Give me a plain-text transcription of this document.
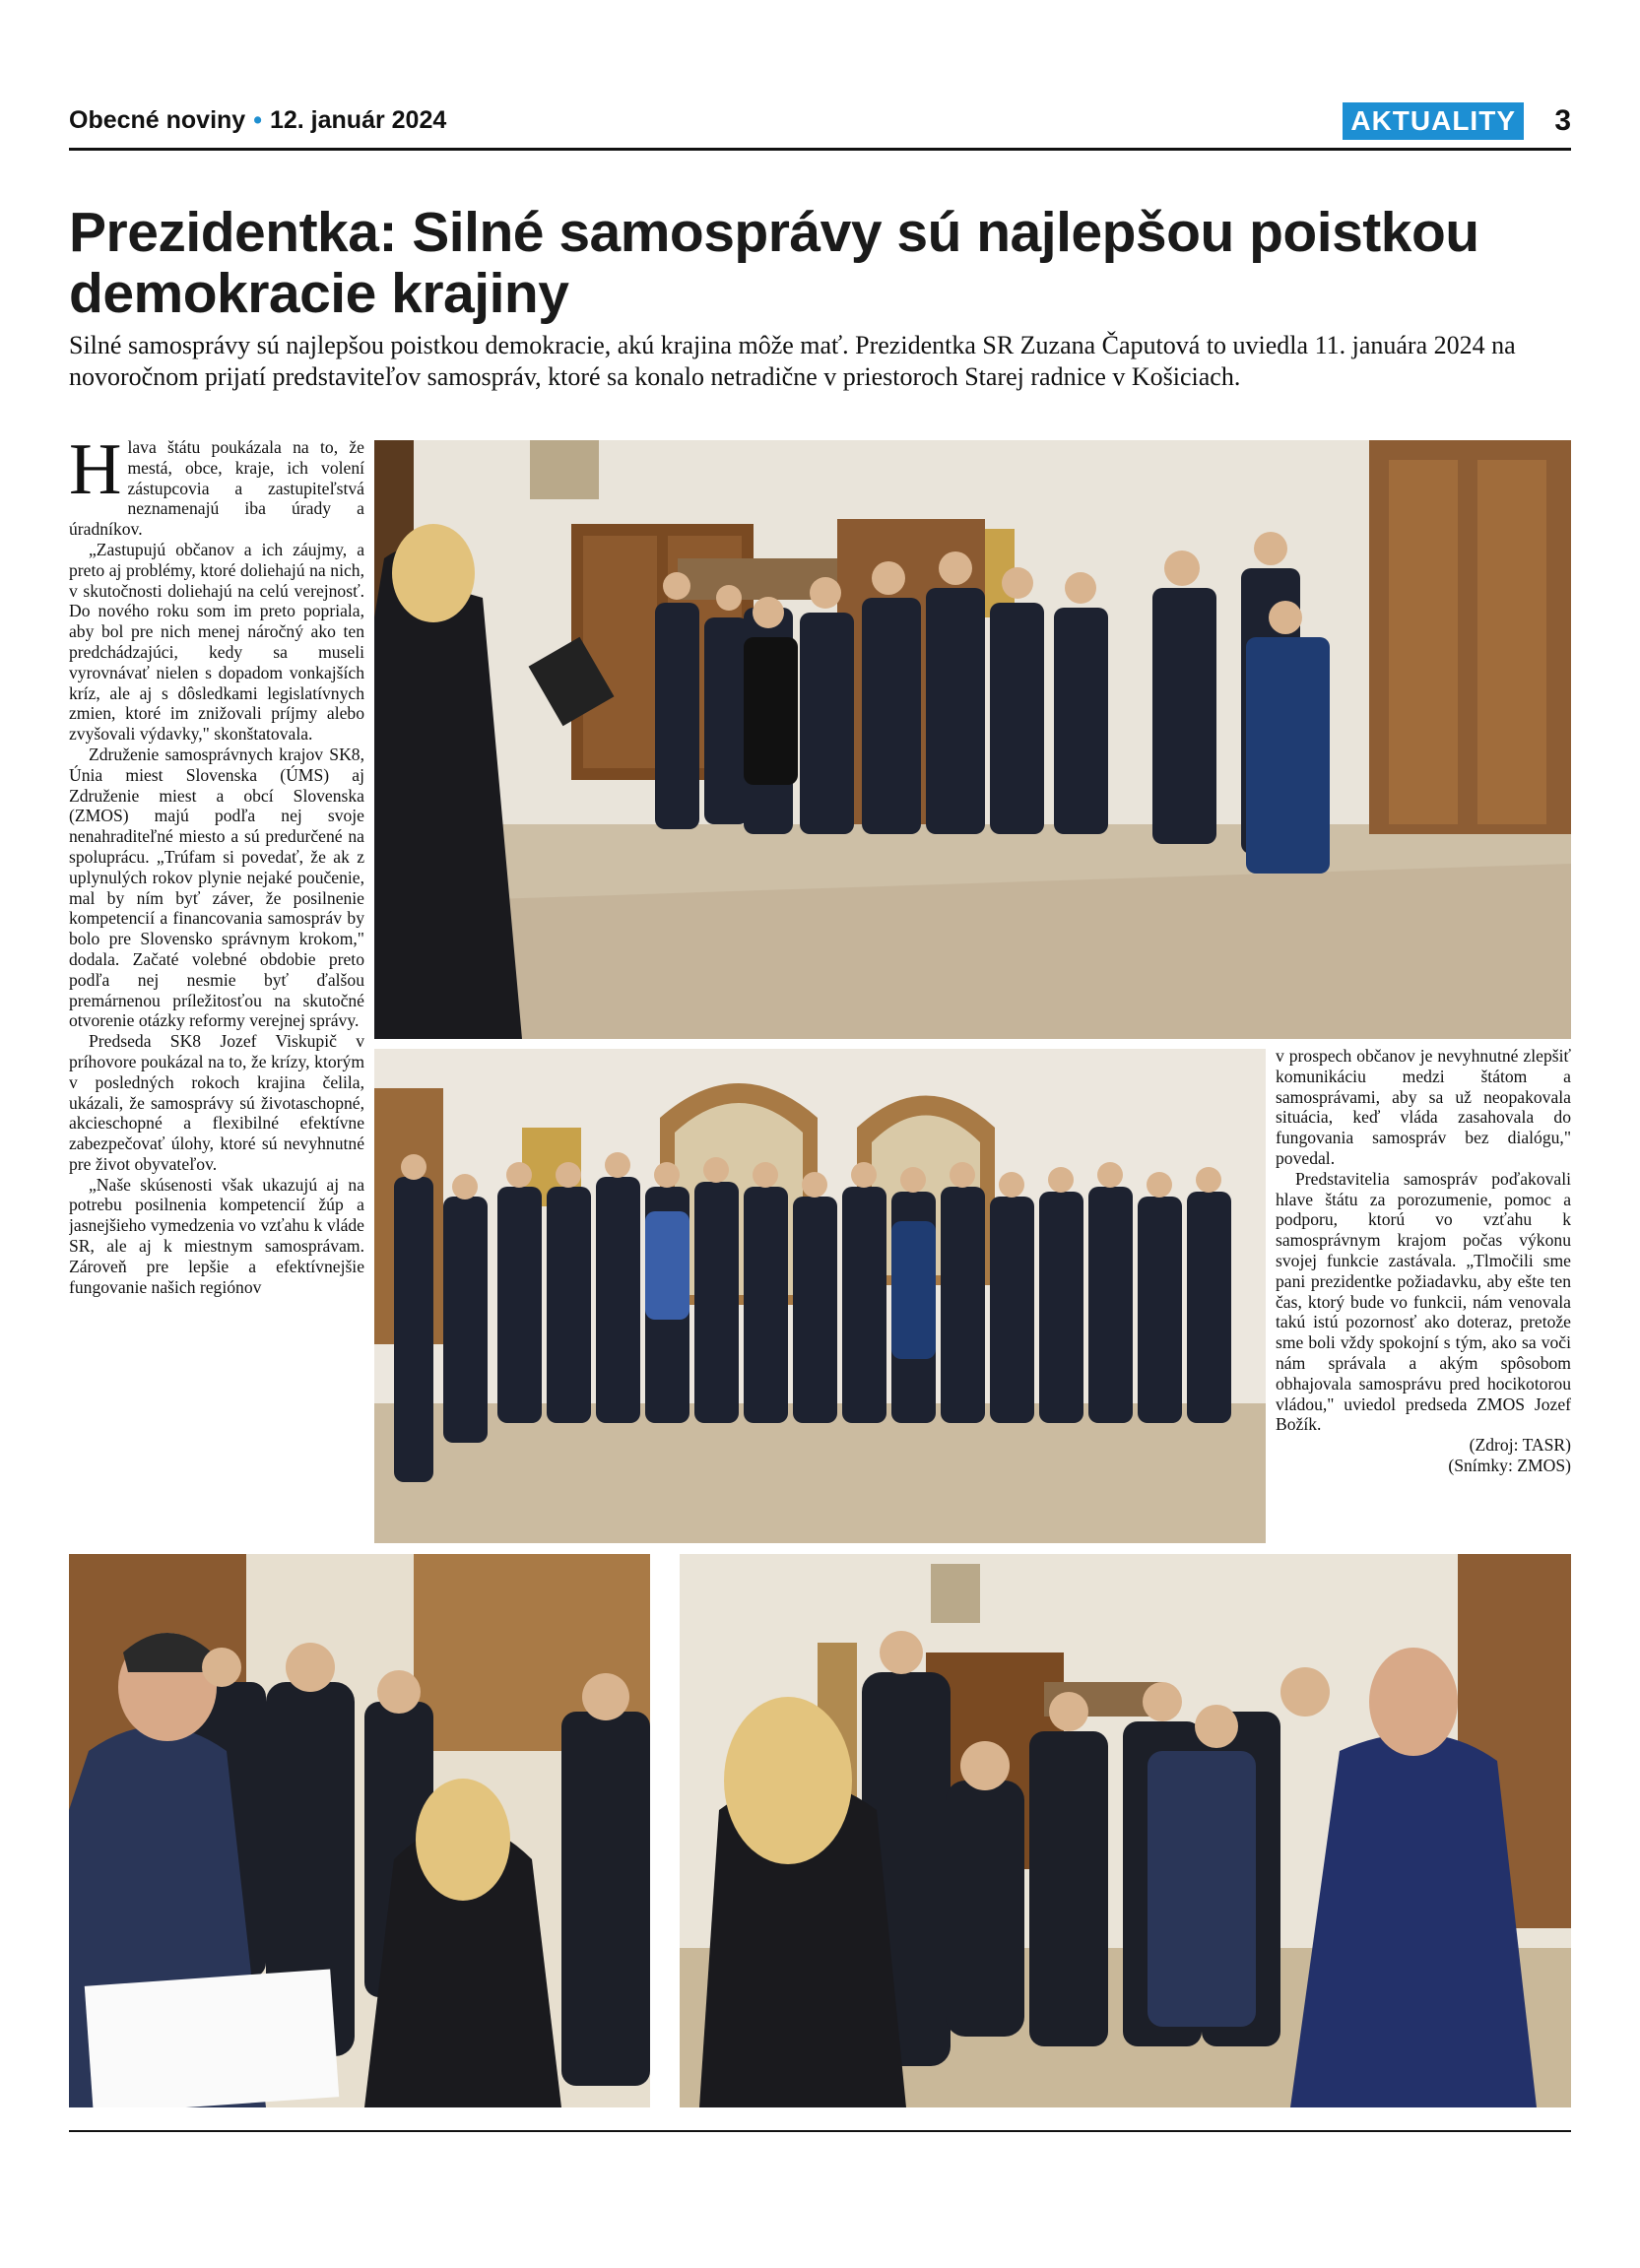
Obecné noviny • 12. január 2024	AKTUALITY 3
Prezidentka: Silné samosprávy sú najlepšou poistkou demokracie krajiny

Silné samosprávy sú najlepšou poistkou demokracie, akú krajina môže mať. Prezidentka SR Zuzana Čaputová to uviedla 11. januára 2024 na novoročnom prijatí predstaviteľov samospráv, ktoré sa konalo netradične v priestoroch Starej radnice v Košiciach.

Hlava štátu poukázala na to, že mestá, obce, kraje, ich volení zástupcovia a zastupiteľstvá neznamenajú iba úrady a úradníkov.

„Zastupujú občanov a ich záujmy, a preto aj problémy, ktoré doliehajú na nich, v skutočnosti doliehajú na celú verejnosť. Do nového roku som im preto popriala, aby bol pre nich menej náročný ako ten predchádzajúci, kedy sa museli vyrovnávať nielen s dopadom vonkajších kríz, ale aj s dôsledkami legislatívnych zmien, ktoré im znižovali príjmy alebo zvyšovali výdavky," skonštatovala.

Združenie samosprávnych krajov SK8, Únia miest Slovenska (ÚMS) aj Združenie miest a obcí Slovenska (ZMOS) majú podľa nej svoje nenahraditeľné miesto a sú predurčené na spoluprácu. „Trúfam si povedať, že ak z uplynulých rokov plynie nejaké poučenie, mal by ním byť záver, že posilnenie kompetencií a financovania samospráv by bolo pre Slovensko správnym krokom," dodala. Začaté volebné obdobie preto podľa nej nesmie byť ďalšou premárnenou príležitosťou na skutočné otvorenie otázky reformy verejnej správy.

Predseda SK8 Jozef Viskupič v príhovore poukázal na to, že krízy, ktorým v posledných rokoch krajina čelila, ukázali, že samosprávy sú životaschopné, akcieschopné a flexibilné efektívne zabezpečovať úlohy, ktoré sú nevyhnutné pre život obyvateľov.

„Naše skúsenosti však ukazujú aj na potrebu posilnenia kompetencií žúp a jasnejšieho vymedzenia vo vzťahu k vláde SR, ale aj k miestnym samosprávam. Zároveň pre lepšie a efektívnejšie fungovanie našich regiónov

v prospech občanov je nevyhnutné zlepšiť komunikáciu medzi štátom a samosprávami, aby sa už neopakovala situácia, keď vláda zasahovala do fungovania samospráv bez dialógu," povedal.

Predstavitelia samospráv poďakovali hlave štátu za porozumenie, pomoc a podporu, ktorú vo vzťahu k samosprávnym krajom počas výkonu svojej funkcie zastávala. „Tlmočili sme pani prezidentke požiadavku, aby ešte ten čas, ktorý bude vo funkcii, nám venovala takú istú pozornosť ako doteraz, pretože sme boli vždy spokojní s tým, ako sa voči nám správala a akým spôsobom obhajovala samosprávu pred hocikotorou vládou," uviedol predseda ZMOS Jozef Božík.

(Zdroj: TASR)

(Snímky: ZMOS)
